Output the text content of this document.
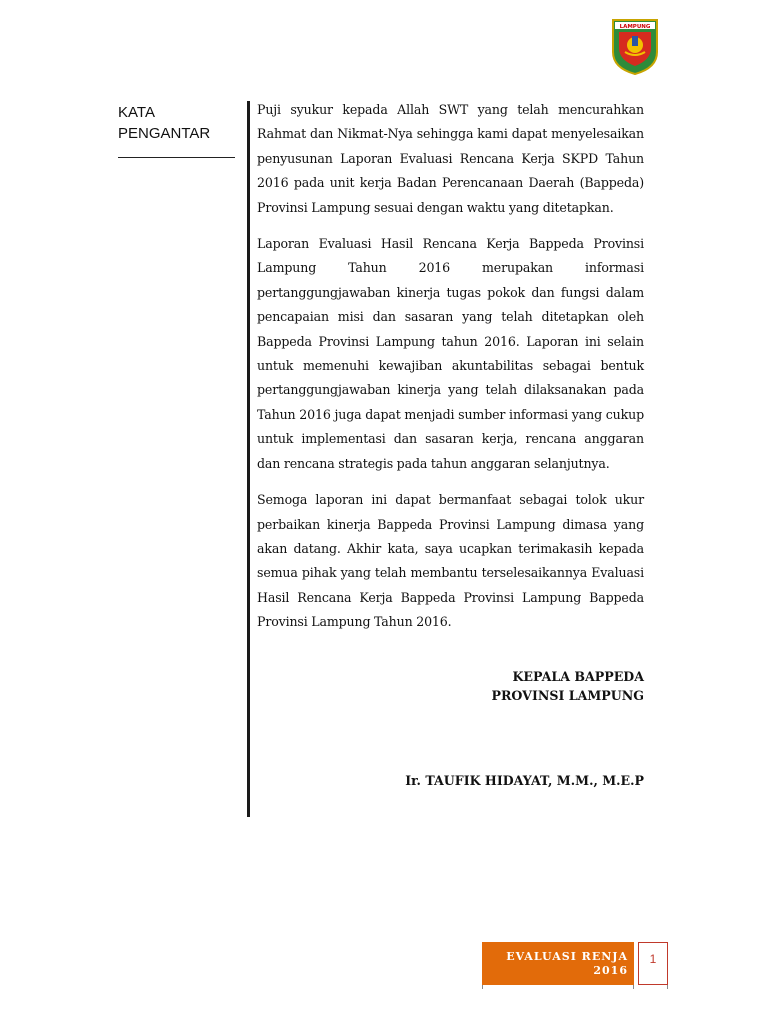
LAMPUNG
KATA
PENGANTAR

Puji syukur kepada Allah SWT yang telah mencurahkan Rahmat dan Nikmat-Nya sehingga kami dapat menyelesaikan penyusunan Laporan Evaluasi Rencana Kerja SKPD Tahun 2016 pada unit kerja Badan Perencanaan Daerah (Bappeda) Provinsi Lampung sesuai dengan waktu yang ditetapkan.

Laporan Evaluasi Hasil Rencana Kerja Bappeda Provinsi Lampung Tahun 2016 merupakan informasi pertanggungjawaban kinerja tugas pokok dan fungsi dalam pencapaian misi dan sasaran yang telah ditetapkan oleh Bappeda Provinsi Lampung tahun 2016. Laporan ini selain untuk memenuhi kewajiban akuntabilitas sebagai bentuk pertanggungjawaban kinerja yang telah dilaksanakan pada Tahun 2016 juga dapat menjadi sumber informasi yang cukup untuk implementasi dan sasaran kerja, rencana anggaran dan rencana strategis pada tahun anggaran selanjutnya.

Semoga laporan ini dapat bermanfaat sebagai tolok ukur perbaikan kinerja Bappeda Provinsi Lampung dimasa yang akan datang. Akhir kata, saya ucapkan terimakasih kepada semua pihak yang telah membantu terselesaikannya Evaluasi Hasil Rencana Kerja Bappeda Provinsi Lampung Bappeda Provinsi Lampung Tahun 2016.

KEPALA BAPPEDA
PROVINSI LAMPUNG
Ir. TAUFIK HIDAYAT, M.M., M.E.P
EVALUASI RENJA
2016
1
